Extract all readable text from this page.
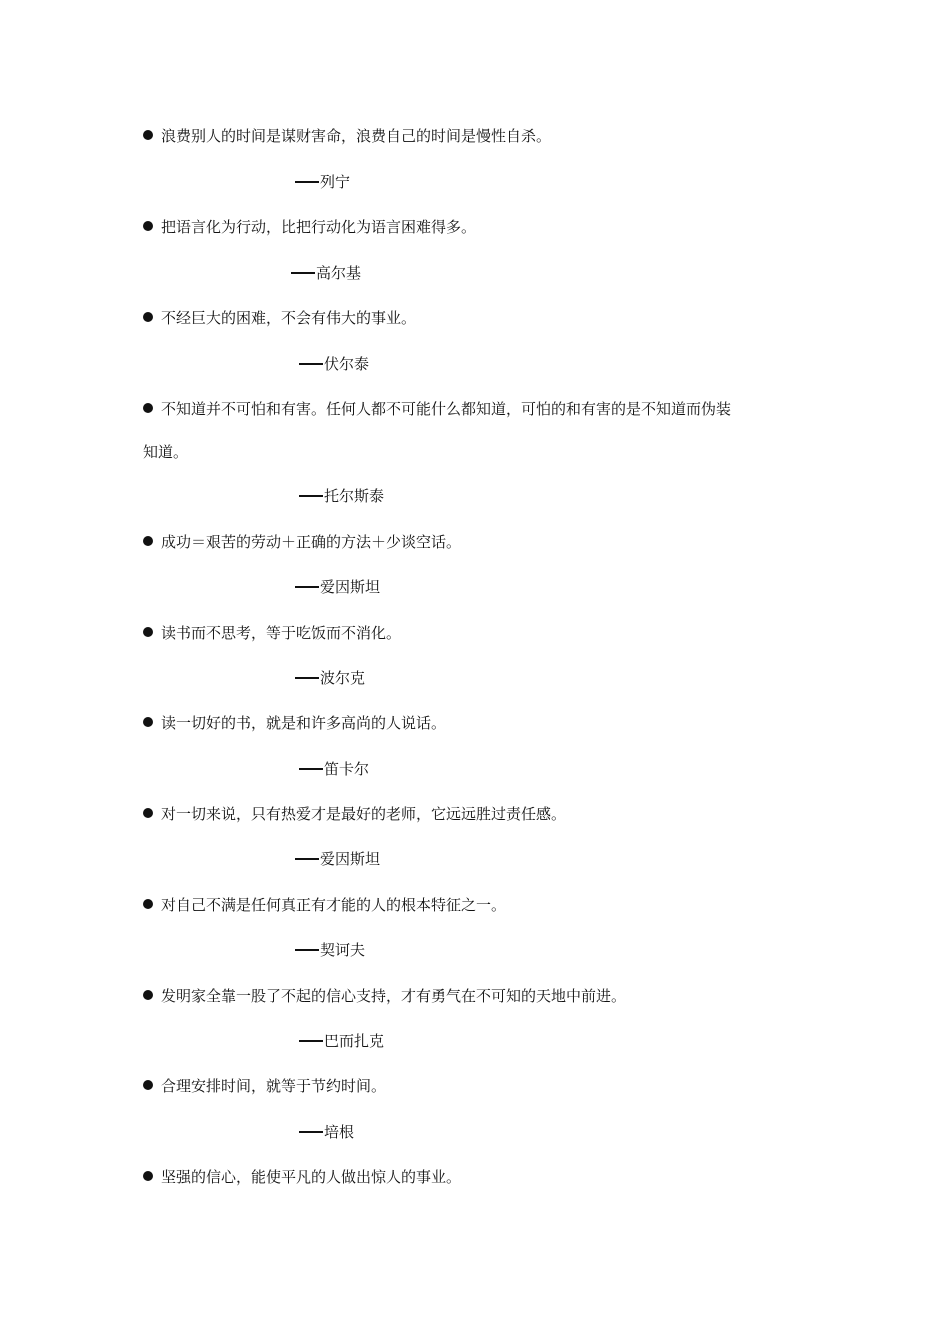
浪费别人的时间是谋财害命，浪费自己的时间是慢性自杀。
列宁
把语言化为行动，比把行动化为语言困难得多。
高尔基
不经巨大的困难，不会有伟大的事业。
伏尔泰
不知道并不可怕和有害。任何人都不可能什么都知道，可怕的和有害的是不知道而伪装
知道。
托尔斯泰
成功＝艰苦的劳动＋正确的方法＋少谈空话。
爱因斯坦
读书而不思考，等于吃饭而不消化。
波尔克
读一切好的书，就是和许多高尚的人说话。
笛卡尔
对一切来说，只有热爱才是最好的老师，它远远胜过责任感。
爱因斯坦
对自己不满是任何真正有才能的人的根本特征之一。
契诃夫
发明家全靠一股了不起的信心支持，才有勇气在不可知的天地中前进。
巴而扎克
合理安排时间，就等于节约时间。
培根
坚强的信心，能使平凡的人做出惊人的事业。
